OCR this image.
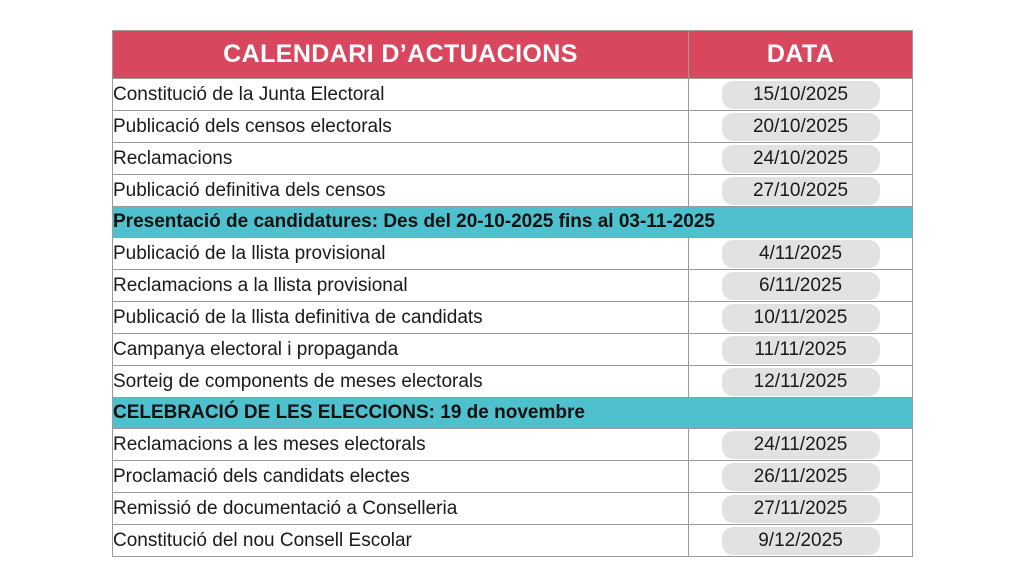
CALENDARI D’ACTUACIONS	DATA
Constitució de la Junta Electoral	15/10/2025
Publicació dels censos electorals	20/10/2025
Reclamacions	24/10/2025
Publicació definitiva dels censos	27/10/2025
Presentació de candidatures: Des del 20-10-2025 fins al 03-11-2025	
Publicació de la llista provisional	4/11/2025
Reclamacions a la llista provisional	6/11/2025
Publicació de la llista definitiva de candidats	10/11/2025
Campanya electoral i propaganda	11/11/2025
Sorteig de components de meses electorals	12/11/2025
CELEBRACIÓ DE LES ELECCIONS: 19 de novembre	
Reclamacions a les meses electorals	24/11/2025
Proclamació dels candidats electes	26/11/2025
Remissió de documentació a Conselleria	27/11/2025
Constitució del nou Consell Escolar	9/12/2025
